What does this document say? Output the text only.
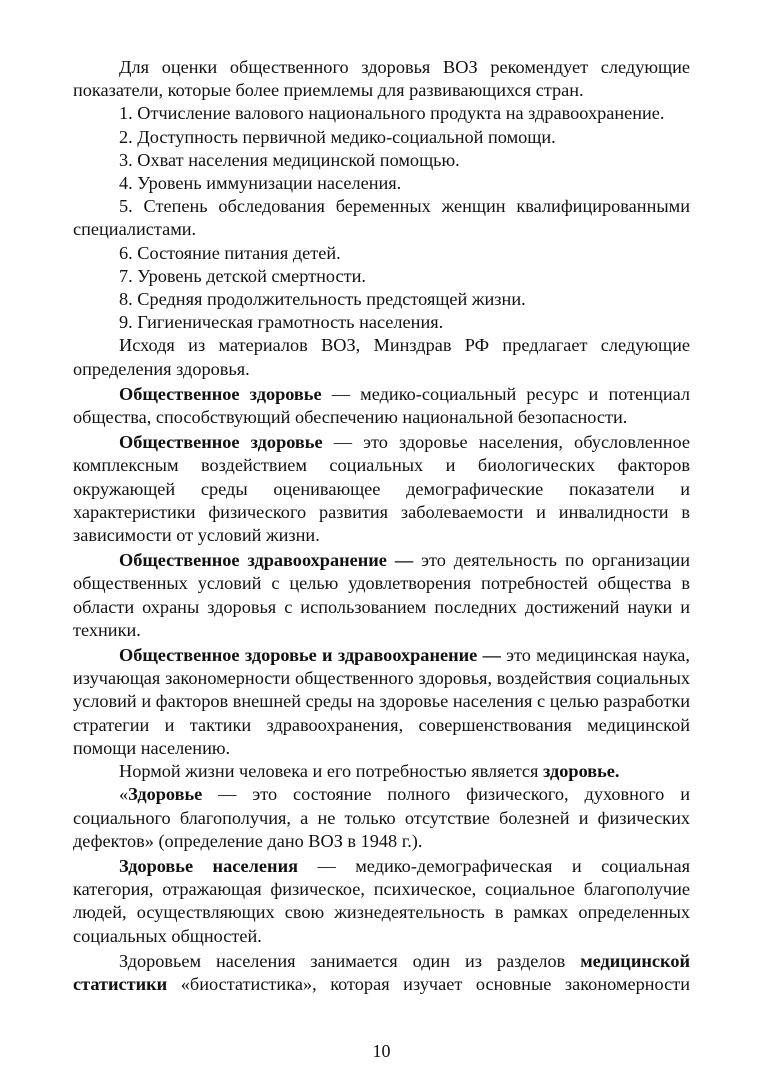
Для оценки общественного здоровья ВОЗ рекомендует следующие показатели, которые более приемлемы для развивающихся стран.

1. Отчисление валового национального продукта на здравоохранение.

2. Доступность первичной медико-социальной помощи.

3. Охват населения медицинской помощью.

4. Уровень иммунизации населения.

5. Степень обследования беременных женщин квалифицированными специалистами.

6. Состояние питания детей.

7. Уровень детской смертности.

8. Средняя продолжительность предстоящей жизни.

9. Гигиеническая грамотность населения.

Исходя из материалов ВОЗ, Минздрав РФ предлагает следующие определения здоровья.

Общественное здоровье — медико-социальный ресурс и потенциал общества, способствующий обеспечению национальной безопасности.

Общественное здоровье — это здоровье населения, обусловленное комплексным воздействием социальных и биологических факторов окружающей среды оценивающее демографические показатели и характеристики физического развития заболеваемости и инвалидности в зависимости от условий жизни.

Общественное здравоохранение — это деятельность по организации общественных условий с целью удовлетворения потребностей общества в области охраны здоровья с использованием последних достижений науки и техники.

Общественное здоровье и здравоохранение — это медицинская наука, изучающая закономерности общественного здоровья, воздействия социальных условий и факторов внешней среды на здоровье населения с целью разработки стратегии и тактики здравоохранения, совершенствования медицинской помощи населению.

Нормой жизни человека и его потребностью является здоровье.

«Здоровье — это состояние полного физического, духовного и социального благополучия, а не только отсутствие болезней и физических дефектов» (определение дано ВОЗ в 1948 г.).

Здоровье населения — медико-демографическая и социальная категория, отражающая физическое, психическое, социальное благополучие людей, осуществляющих свою жизнедеятельность в рамках определенных социальных общностей.

Здоровьем населения занимается один из разделов медицинской статистики «биостатистика», которая изучает основные закономерности

10
